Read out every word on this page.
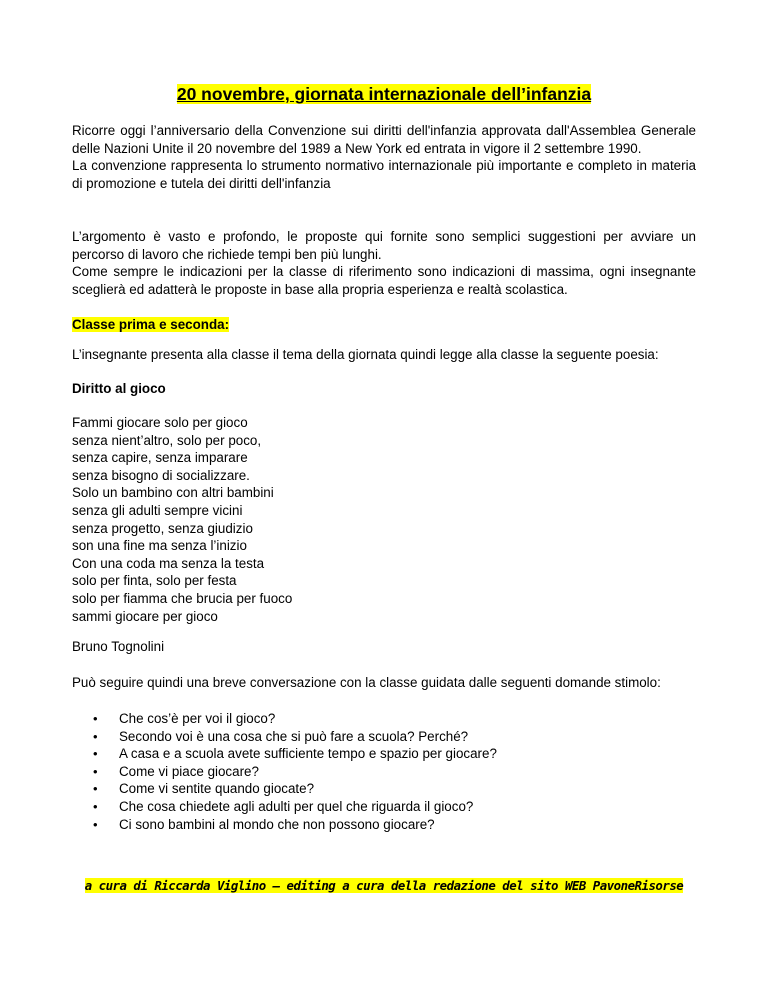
20 novembre, giornata internazionale dell’infanzia

Ricorre oggi l’anniversario della Convenzione sui diritti dell'infanzia approvata dall'Assemblea Generale delle Nazioni Unite il 20 novembre del 1989 a New York ed entrata in vigore il 2 settembre 1990.

La convenzione rappresenta lo strumento normativo internazionale più importante e completo in materia di promozione e tutela dei diritti dell'infanzia

L’argomento è vasto e profondo, le proposte qui fornite sono semplici suggestioni per avviare un percorso di lavoro che richiede tempi ben più lunghi.

Come sempre le indicazioni per la classe di riferimento sono indicazioni di massima, ogni insegnante sceglierà ed adatterà le proposte in base alla propria esperienza e realtà scolastica.

Classe prima e seconda:

L’insegnante presenta alla classe il tema della giornata quindi legge alla classe la seguente poesia:

Diritto al gioco

Fammi giocare solo per gioco
senza nient’altro, solo per poco,
senza capire, senza imparare
senza bisogno di socializzare.
Solo un bambino con altri bambini
senza gli adulti sempre vicini
senza progetto, senza giudizio
son una fine ma senza l’inizio
Con una coda ma senza la testa
solo per finta, solo per festa
solo per fiamma che brucia per fuoco
sammi giocare per gioco

Bruno Tognolini

Può seguire quindi una breve conversazione con la classe guidata dalle seguenti domande stimolo:

• Che cos’è per voi il gioco?
• Secondo voi è una cosa che si può fare a scuola? Perché?
• A casa e a scuola avete sufficiente tempo e spazio per giocare?
• Come vi piace giocare?
• Come vi sentite quando giocate?
• Che cosa chiedete agli adulti per quel che riguarda il gioco?
• Ci sono bambini al mondo che non possono giocare?
a cura di Riccarda Viglino – editing a cura della redazione del sito WEB PavoneRisorse
